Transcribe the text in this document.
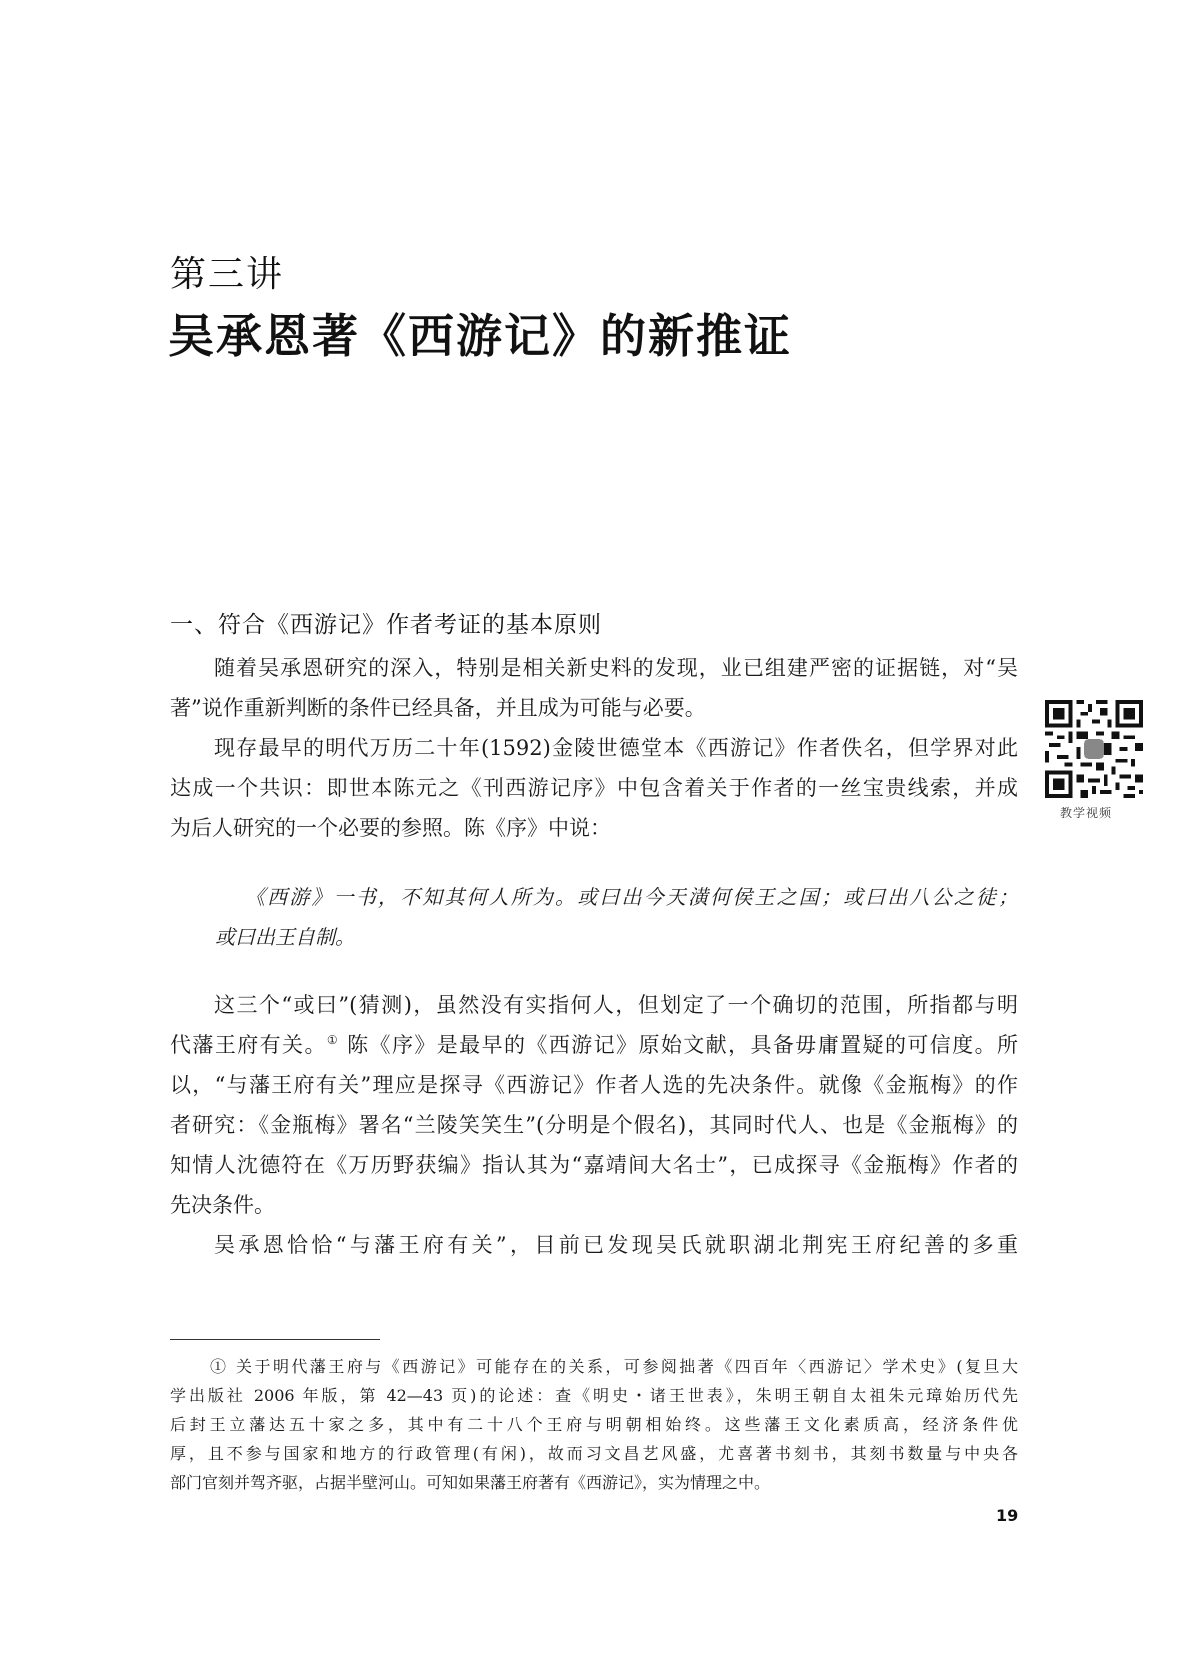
第三讲
吴承恩著《西游记》的新推证
一、符合《西游记》作者考证的基本原则
随着吴承恩研究的深入，特别是相关新史料的发现，业已组建严密的证据链，对“吴
著”说作重新判断的条件已经具备，并且成为可能与必要。
现存最早的明代万历二十年(1592)金陵世德堂本《西游记》作者佚名，但学界对此
达成一个共识：即世本陈元之《刊西游记序》中包含着关于作者的一丝宝贵线索，并成
为后人研究的一个必要的参照。陈《序》中说：
《西游》一书，不知其何人所为。或曰出今天潢何侯王之国；或曰出八公之徒；
或曰出王自制。
这三个“或曰”(猜测)，虽然没有实指何人，但划定了一个确切的范围，所指都与明
代藩王府有关。① 陈《序》是最早的《西游记》原始文献，具备毋庸置疑的可信度。所
以，“与藩王府有关”理应是探寻《西游记》作者人选的先决条件。就像《金瓶梅》的作
者研究：《金瓶梅》署名“兰陵笑笑生”(分明是个假名)，其同时代人、也是《金瓶梅》的
知情人沈德符在《万历野获编》指认其为“嘉靖间大名士”，已成探寻《金瓶梅》作者的
先决条件。
吴承恩恰恰“与藩王府有关”，目前已发现吴氏就职湖北荆宪王府纪善的多重
① 关于明代藩王府与《西游记》可能存在的关系，可参阅拙著《四百年〈西游记〉学术史》(复旦大
学出版社 2006 年版，第 42—43 页)的论述：查《明史・诸王世表》，朱明王朝自太祖朱元璋始历代先
后封王立藩达五十家之多，其中有二十八个王府与明朝相始终。这些藩王文化素质高，经济条件优
厚，且不参与国家和地方的行政管理(有闲)，故而习文昌艺风盛，尤喜著书刻书，其刻书数量与中央各
部门官刻并驾齐驱，占据半壁河山。可知如果藩王府著有《西游记》，实为情理之中。
教学视频
19
